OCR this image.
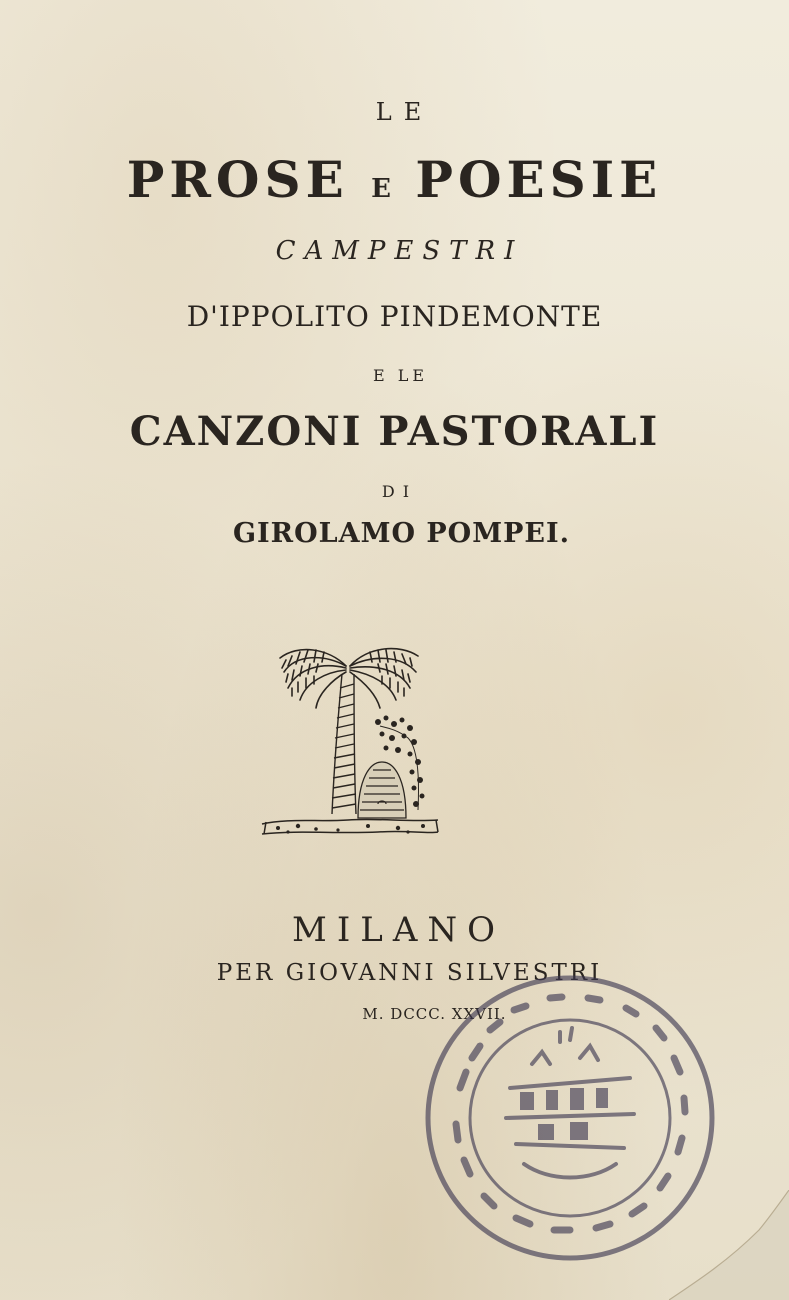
LE

PROSE E POESIE

CAMPESTRI

D'IPPOLITO PINDEMONTE

E LE

CANZONI PASTORALI

DI

GIROLAMO POMPEI.

MILANO

PER GIOVANNI SILVESTRI

M. DCCC. XXVII.
